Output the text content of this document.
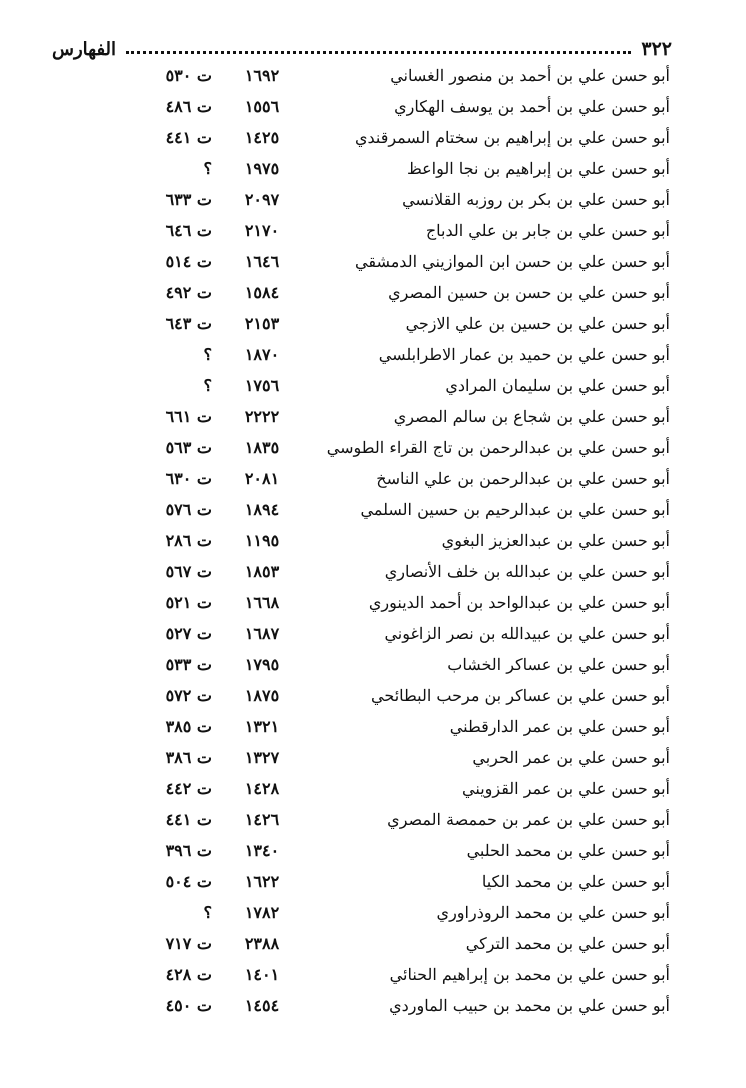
٣٢٢
الفهارس
أبو حسن علي بن أحمد بن منصور الغساني
١٦٩٢
ت ٥٣٠
أبو حسن علي بن أحمد بن يوسف الهكاري
١٥٥٦
ت ٤٨٦
أبو حسن علي بن إبراهيم بن سختام السمرقندي
١٤٢٥
ت ٤٤١
أبو حسن علي بن إبراهيم بن نجا الواعظ
١٩٧٥
؟
أبو حسن علي بن بكر بن روزبه القلانسي
٢٠٩٧
ت ٦٣٣
أبو حسن علي بن جابر بن علي الدباج
٢١٧٠
ت ٦٤٦
أبو حسن علي بن حسن ابن الموازيني الدمشقي
١٦٤٦
ت ٥١٤
أبو حسن علي بن حسن بن حسين المصري
١٥٨٤
ت ٤٩٢
أبو حسن علي بن حسين بن علي الازجي
٢١٥٣
ت ٦٤٣
أبو حسن علي بن حميد بن عمار الاطرابلسي
١٨٧٠
؟
أبو حسن علي بن سليمان المرادي
١٧٥٦
؟
أبو حسن علي بن شجاع بن سالم المصري
٢٢٢٢
ت ٦٦١
أبو حسن علي بن عبدالرحمن بن تاج القراء الطوسي
١٨٣٥
ت ٥٦٣
أبو حسن علي بن عبدالرحمن بن علي الناسخ
٢٠٨١
ت ٦٣٠
أبو حسن علي بن عبدالرحيم بن حسين السلمي
١٨٩٤
ت ٥٧٦
أبو حسن علي بن عبدالعزيز البغوي
١١٩٥
ت ٢٨٦
أبو حسن علي بن عبدالله بن خلف الأنصاري
١٨٥٣
ت ٥٦٧
أبو حسن علي بن عبدالواحد بن أحمد الدينوري
١٦٦٨
ت ٥٢١
أبو حسن علي بن عبيدالله بن نصر الزاغوني
١٦٨٧
ت ٥٢٧
أبو حسن علي بن عساكر الخشاب
١٧٩٥
ت ٥٣٣
أبو حسن علي بن عساكر بن مرحب البطائحي
١٨٧٥
ت ٥٧٢
أبو حسن علي بن عمر الدارقطني
١٣٢١
ت ٣٨٥
أبو حسن علي بن عمر الحربي
١٣٢٧
ت ٣٨٦
أبو حسن علي بن عمر القزويني
١٤٢٨
ت ٤٤٢
أبو حسن علي بن عمر بن حممصة المصري
١٤٢٦
ت ٤٤١
أبو حسن علي بن محمد الحلبي
١٣٤٠
ت ٣٩٦
أبو حسن علي بن محمد الكيا
١٦٢٢
ت ٥٠٤
أبو حسن علي بن محمد الروذراوري
١٧٨٢
؟
أبو حسن علي بن محمد التركي
٢٣٨٨
ت ٧١٧
أبو حسن علي بن محمد بن إبراهيم الحنائي
١٤٠١
ت ٤٢٨
أبو حسن علي بن محمد بن حبيب الماوردي
١٤٥٤
ت ٤٥٠
